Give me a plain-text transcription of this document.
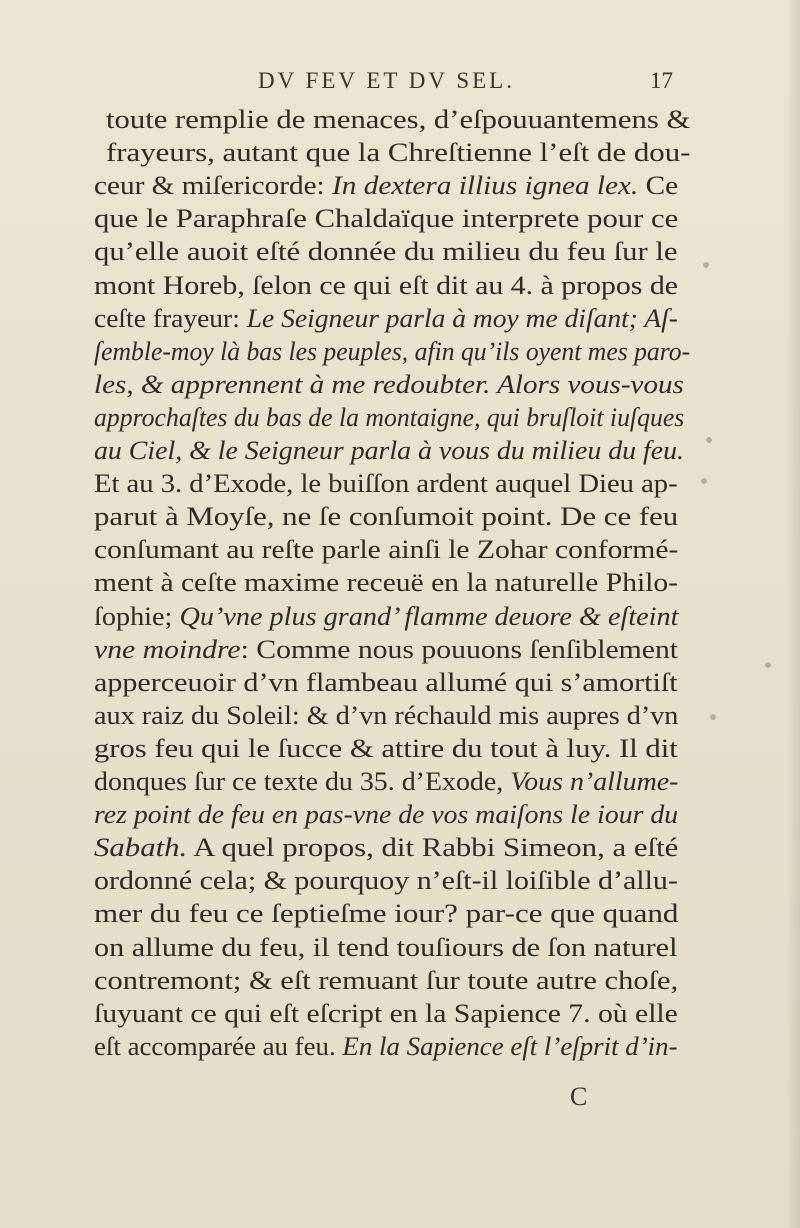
DV FEV ET DV SEL.	17
toute remplie de menaces, d’eſpouuantemens &
frayeurs, autant que la Chreſtienne l’eſt de dou-
ceur & miſericorde: In dextera illius ignea lex. Ce
que le Paraphraſe Chaldaïque interprete pour ce
qu’elle auoit eſté donnée du milieu du feu ſur le
mont Horeb, ſelon ce qui eſt dit au 4. à propos de
ceſte frayeur: Le Seigneur parla à moy me diſant; Aſ-
ſemble-moy là bas les peuples, afin qu’ils oyent mes paro-
les, & apprennent à me redoubter. Alors vous-vous
approchaſtes du bas de la montaigne, qui bruſloit iuſques
au Ciel, & le Seigneur parla à vous du milieu du feu.
Et au 3. d’Exode, le buiſſon ardent auquel Dieu ap-
parut à Moyſe, ne ſe conſumoit point. De ce feu
conſumant au reſte parle ainſi le Zohar conformé-
ment à ceſte maxime receuë en la naturelle Philo-
ſophie; Qu’vne plus grand’ flamme deuore & eſteint
vne moindre: Comme nous pouuons ſenſiblement
apperceuoir d’vn flambeau allumé qui s’amortiſt
aux raiz du Soleil: & d’vn réchauld mis aupres d’vn
gros feu qui le ſucce & attire du tout à luy. Il dit
donques ſur ce texte du 35. d’Exode, Vous n’allume-
rez point de feu en pas-vne de vos maiſons le iour du
Sabath. A quel propos, dit Rabbi Simeon, a eſté
ordonné cela; & pourquoy n’eſt-il loiſible d’allu-
mer du feu ce ſeptieſme iour? par-ce que quand
on allume du feu, il tend touſiours de ſon naturel
contremont; & eſt remuant ſur toute autre choſe,
ſuyuant ce qui eſt eſcript en la Sapience 7. où elle
eſt accomparée au feu. En la Sapience eſt l’eſprit d’in-
C
